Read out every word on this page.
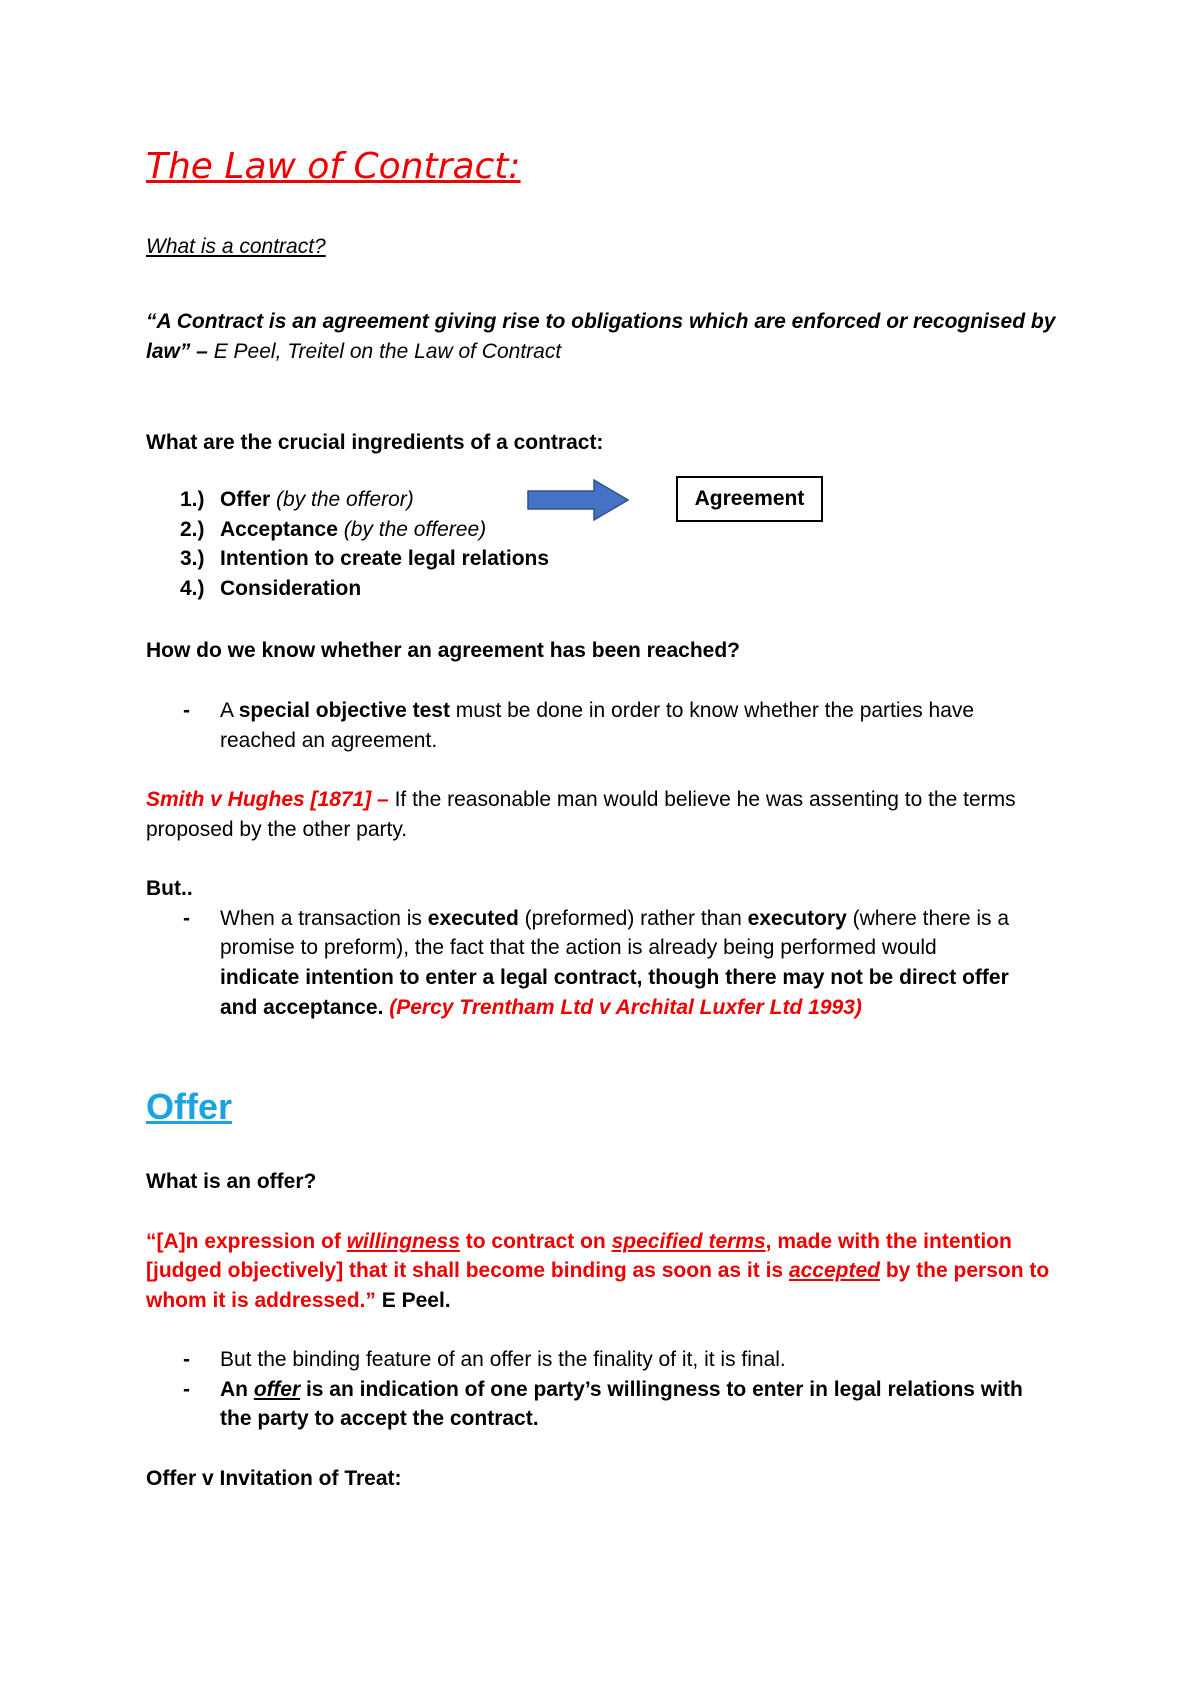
The Law of Contract:
What is a contract?
“A Contract is an agreement giving rise to obligations which are enforced or recognised by
law” – E Peel, Treitel on the Law of Contract
What are the crucial ingredients of a contract:
1.) Offer (by the offeror)
2.) Acceptance (by the offeree)
3.) Intention to create legal relations
4.) Consideration
Agreement
How do we know whether an agreement has been reached?
- A special objective test must be done in order to know whether the parties have
reached an agreement.
Smith v Hughes [1871] – If the reasonable man would believe he was assenting to the terms
proposed by the other party.
But..
- When a transaction is executed (preformed) rather than executory (where there is a
promise to preform), the fact that the action is already being performed would
indicate intention to enter a legal contract, though there may not be direct offer
and acceptance. (Percy Trentham Ltd v Archital Luxfer Ltd 1993)
Offer
What is an offer?
“[A]n expression of willingness to contract on specified terms, made with the intention
[judged objectively] that it shall become binding as soon as it is accepted by the person to
whom it is addressed.” E Peel.
- But the binding feature of an offer is the finality of it, it is final.
- An offer is an indication of one party’s willingness to enter in legal relations with
the party to accept the contract.
Offer v Invitation of Treat:
